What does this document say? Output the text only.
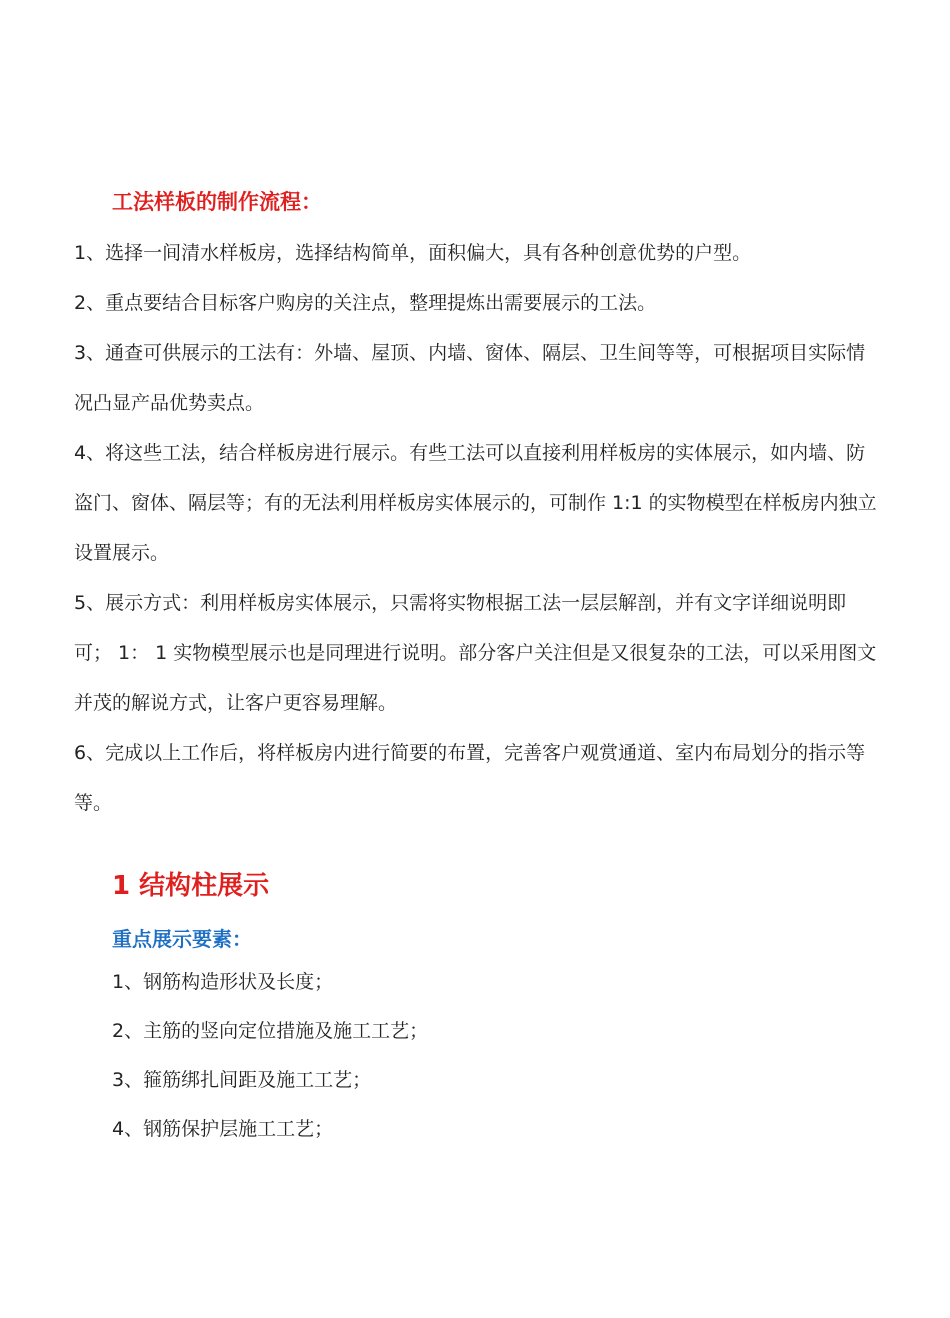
工法样板的制作流程：
1、选择一间清水样板房，选择结构简单，面积偏大，具有各种创意优势的户型。
2、重点要结合目标客户购房的关注点，整理提炼出需要展示的工法。
3、通查可供展示的工法有：外墙、屋顶、内墙、窗体、隔层、卫生间等等，可根据项目实际情况凸显产品优势卖点。
4、将这些工法，结合样板房进行展示。有些工法可以直接利用样板房的实体展示，如内墙、防盗门、窗体、隔层等；有的无法利用样板房实体展示的，可制作 1:1 的实物模型在样板房内独立设置展示。
5、展示方式：利用样板房实体展示，只需将实物根据工法一层层解剖，并有文字详细说明即可； 1： 1 实物模型展示也是同理进行说明。部分客户关注但是又很复杂的工法，可以采用图文并茂的解说方式，让客户更容易理解。
6、完成以上工作后，将样板房内进行简要的布置，完善客户观赏通道、室内布局划分的指示等等。
1 结构柱展示
重点展示要素：
1、钢筋构造形状及长度；
2、主筋的竖向定位措施及施工工艺；
3、箍筋绑扎间距及施工工艺；
4、钢筋保护层施工工艺；
